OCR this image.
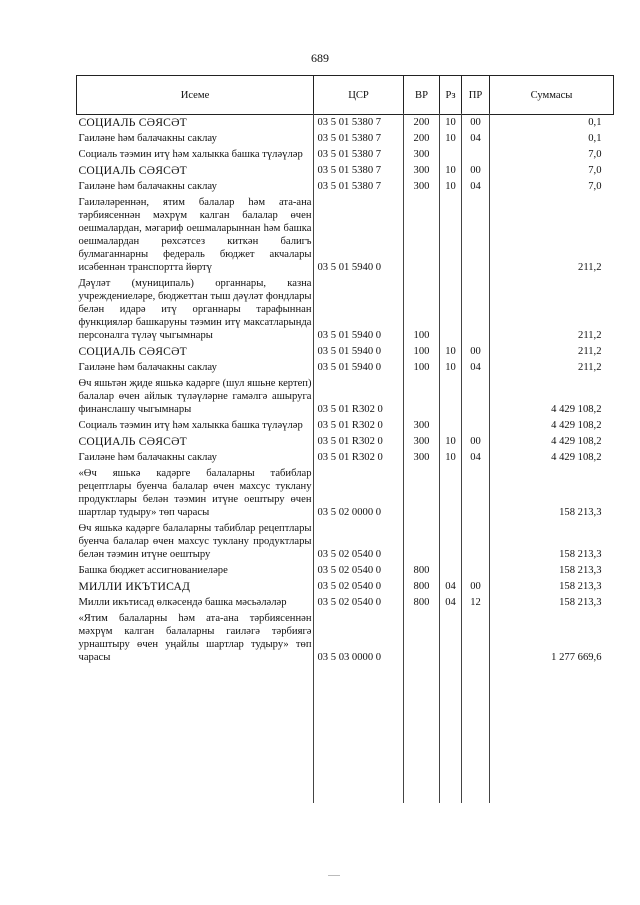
689
Исеме	ЦСР	ВР	Рз	ПР	Суммасы
СОЦИАЛЬ СӘЯСӘТ	03 5 01 5380 7	200	10	00	0,1
Гаиләне һәм балачакны саклау	03 5 01 5380 7	200	10	04	0,1
Социаль тәэмин итү һәм халыкка башка түләүләр	03 5 01 5380 7	300			7,0
СОЦИАЛЬ СӘЯСӘТ	03 5 01 5380 7	300	10	00	7,0
Гаиләне һәм балачакны саклау	03 5 01 5380 7	300	10	04	7,0
Гаиләләреннән, ятим балалар һәм ата-ана тәрбиясеннән мәхрүм калган балалар өчен оешмалардан, мәгариф оешмаларыннан һәм башка оешмалардан рөхсәтсез киткән балигъ булмаганнарны федераль бюджет акчалары исәбеннән транспортта йөртү	03 5 01 5940 0				211,2
Дәүләт (муниципаль) органнары, казна учреждениеләре, бюджеттан тыш дәүләт фондлары белән идарә итү органнары тарафыннан функцияләр башкаруны тәэмин итү максатларында персоналга түләү чыгымнары	03 5 01 5940 0	100			211,2
СОЦИАЛЬ СӘЯСӘТ	03 5 01 5940 0	100	10	00	211,2
Гаиләне һәм балачакны саклау	03 5 01 5940 0	100	10	04	211,2
Өч яшьтән җиде яшькә кадәрге (шул яшьне кертеп) балалар өчен айлык түләүләрне гамәлгә ашыруга финанслашу чыгымнары	03 5 01 R302 0				4 429 108,2
Социаль тәэмин итү һәм халыкка башка түләүләр	03 5 01 R302 0	300			4 429 108,2
СОЦИАЛЬ СӘЯСӘТ	03 5 01 R302 0	300	10	00	4 429 108,2
Гаиләне һәм балачакны саклау	03 5 01 R302 0	300	10	04	4 429 108,2
«Өч яшькә кадәрге балаларны табиблар рецептлары буенча балалар өчен махсус туклану продуктлары белән тәэмин итүне оештыру өчен шартлар тудыру» төп чарасы	03 5 02 0000 0				158 213,3
Өч яшькә кадәрге балаларны табиблар рецептлары буенча балалар өчен махсус туклану продуктлары белән тәэмин итүне оештыру	03 5 02 0540 0				158 213,3
Башка бюджет ассигнованиеләре	03 5 02 0540 0	800			158 213,3
МИЛЛИ ИКЪТИСАД	03 5 02 0540 0	800	04	00	158 213,3
Милли икътисад өлкәсендә башка мәсьәләләр	03 5 02 0540 0	800	04	12	158 213,3
«Ятим балаларны һәм ата-ана тәрбиясеннән мәхрүм калган балаларны гаиләгә тәрбиягә урнаштыру өчен уңайлы шартлар тудыру» төп чарасы	03 5 03 0000 0				1 277 669,6
